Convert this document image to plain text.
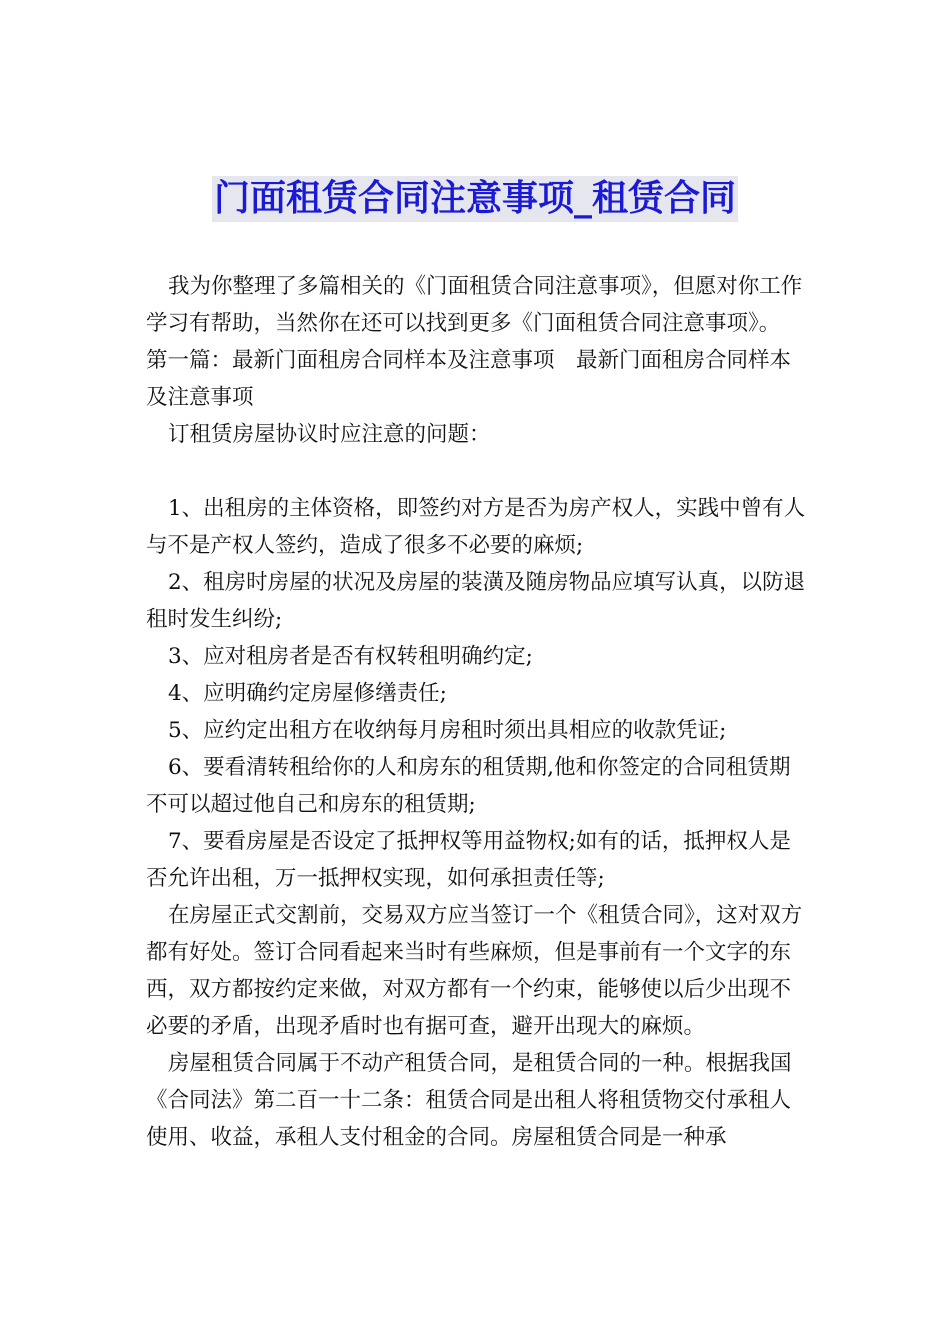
门面租赁合同注意事项_租赁合同

我为你整理了多篇相关的《门面租赁合同注意事项》，但愿对你工作学习有帮助，当然你在还可以找到更多《门面租赁合同注意事项》。

第一篇：最新门面租房合同样本及注意事项　最新门面租房合同样本及注意事项

订租赁房屋协议时应注意的问题：

1、出租房的主体资格，即签约对方是否为房产权人，实践中曾有人与不是产权人签约，造成了很多不必要的麻烦;

2、租房时房屋的状况及房屋的装潢及随房物品应填写认真，以防退租时发生纠纷;

3、应对租房者是否有权转租明确约定;

4、应明确约定房屋修缮责任;

5、应约定出租方在收纳每月房租时须出具相应的收款凭证;

6、要看清转租给你的人和房东的租赁期,他和你签定的合同租赁期不可以超过他自己和房东的租赁期;

7、要看房屋是否设定了抵押权等用益物权;如有的话，抵押权人是否允许出租，万一抵押权实现，如何承担责任等;

在房屋正式交割前，交易双方应当签订一个《租赁合同》，这对双方都有好处。签订合同看起来当时有些麻烦，但是事前有一个文字的东西，双方都按约定来做，对双方都有一个约束，能够使以后少出现不必要的矛盾，出现矛盾时也有据可查，避开出现大的麻烦。

房屋租赁合同属于不动产租赁合同，是租赁合同的一种。根据我国《合同法》第二百一十二条：租赁合同是出租人将租赁物交付承租人使用、收益，承租人支付租金的合同。房屋租赁合同是一种承
